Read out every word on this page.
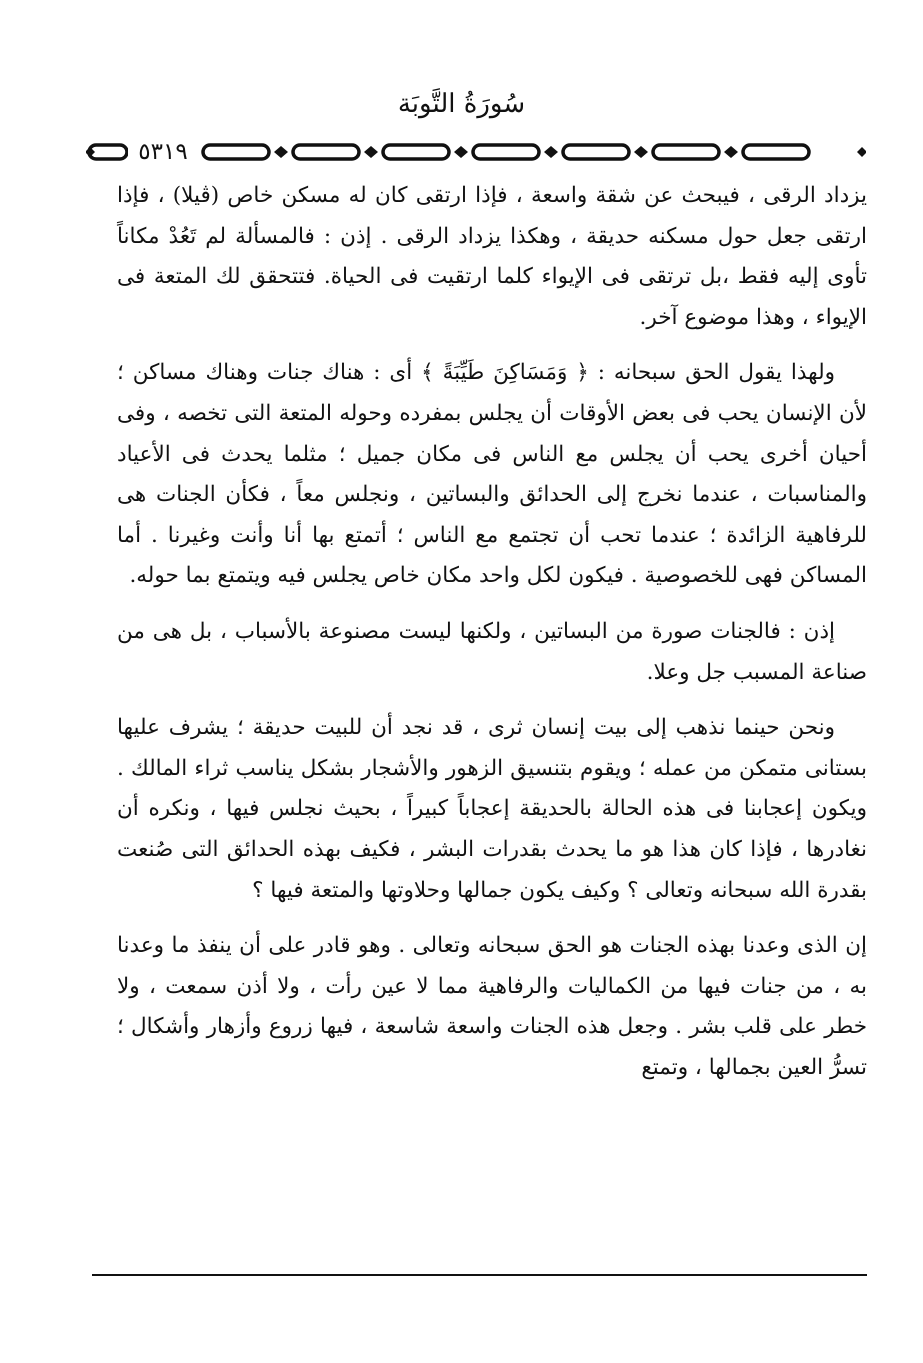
سُورَةُ التَّوبَة
٥٣١٩

يزداد الرقى ، فيبحث عن شقة واسعة ، فإذا ارتقى كان له مسكن خاص (ڤيلا) ، فإذا ارتقى جعل حول مسكنه حديقة ، وهكذا يزداد الرقى . إذن : فالمسألة لم تَعُدْ مكاناً تأوى إليه فقط ،بل ترتقى فى الإيواء كلما ارتقيت فى الحياة. فتتحقق لك المتعة فى الإيواء ، وهذا موضوع آخر.

ولهذا يقول الحق سبحانه : ﴿ وَمَسَاكِنَ طَيِّبَةً ﴾ أى : هناك جنات وهناك مساكن ؛ لأن الإنسان يحب فى بعض الأوقات أن يجلس بمفرده وحوله المتعة التى تخصه ، وفى أحيان أخرى يحب أن يجلس مع الناس فى مكان جميل ؛ مثلما يحدث فى الأعياد والمناسبات ، عندما نخرج إلى الحدائق والبساتين ، ونجلس معاً ، فكأن الجنات هى للرفاهية الزائدة ؛ عندما تحب أن تجتمع مع الناس ؛ أتمتع بها أنا وأنت وغيرنا . أما المساكن فهى للخصوصية . فيكون لكل واحد مكان خاص يجلس فيه ويتمتع بما حوله.

إذن : فالجنات صورة من البساتين ، ولكنها ليست مصنوعة بالأسباب ، بل هى من صناعة المسبب جل وعلا.

ونحن حينما نذهب إلى بيت إنسان ثرى ، قد نجد أن للبيت حديقة ؛ يشرف عليها بستانى متمكن من عمله ؛ ويقوم بتنسيق الزهور والأشجار بشكل يناسب ثراء المالك . ويكون إعجابنا فى هذه الحالة بالحديقة إعجاباً كبيراً ، بحيث نجلس فيها ، ونكره أن نغادرها ، فإذا كان هذا هو ما يحدث بقدرات البشر ، فكيف بهذه الحدائق التى صُنعت بقدرة الله سبحانه وتعالى ؟ وكيف يكون جمالها وحلاوتها والمتعة فيها ؟

إن الذى وعدنا بهذه الجنات هو الحق سبحانه وتعالى . وهو قادر على أن ينفذ ما وعدنا به ، من جنات فيها من الكماليات والرفاهية مما لا عين رأت ، ولا أذن سمعت ، ولا خطر على قلب بشر . وجعل هذه الجنات واسعة شاسعة ، فيها زروع وأزهار وأشكال ؛ تسرُّ العين بجمالها ، وتمتع
